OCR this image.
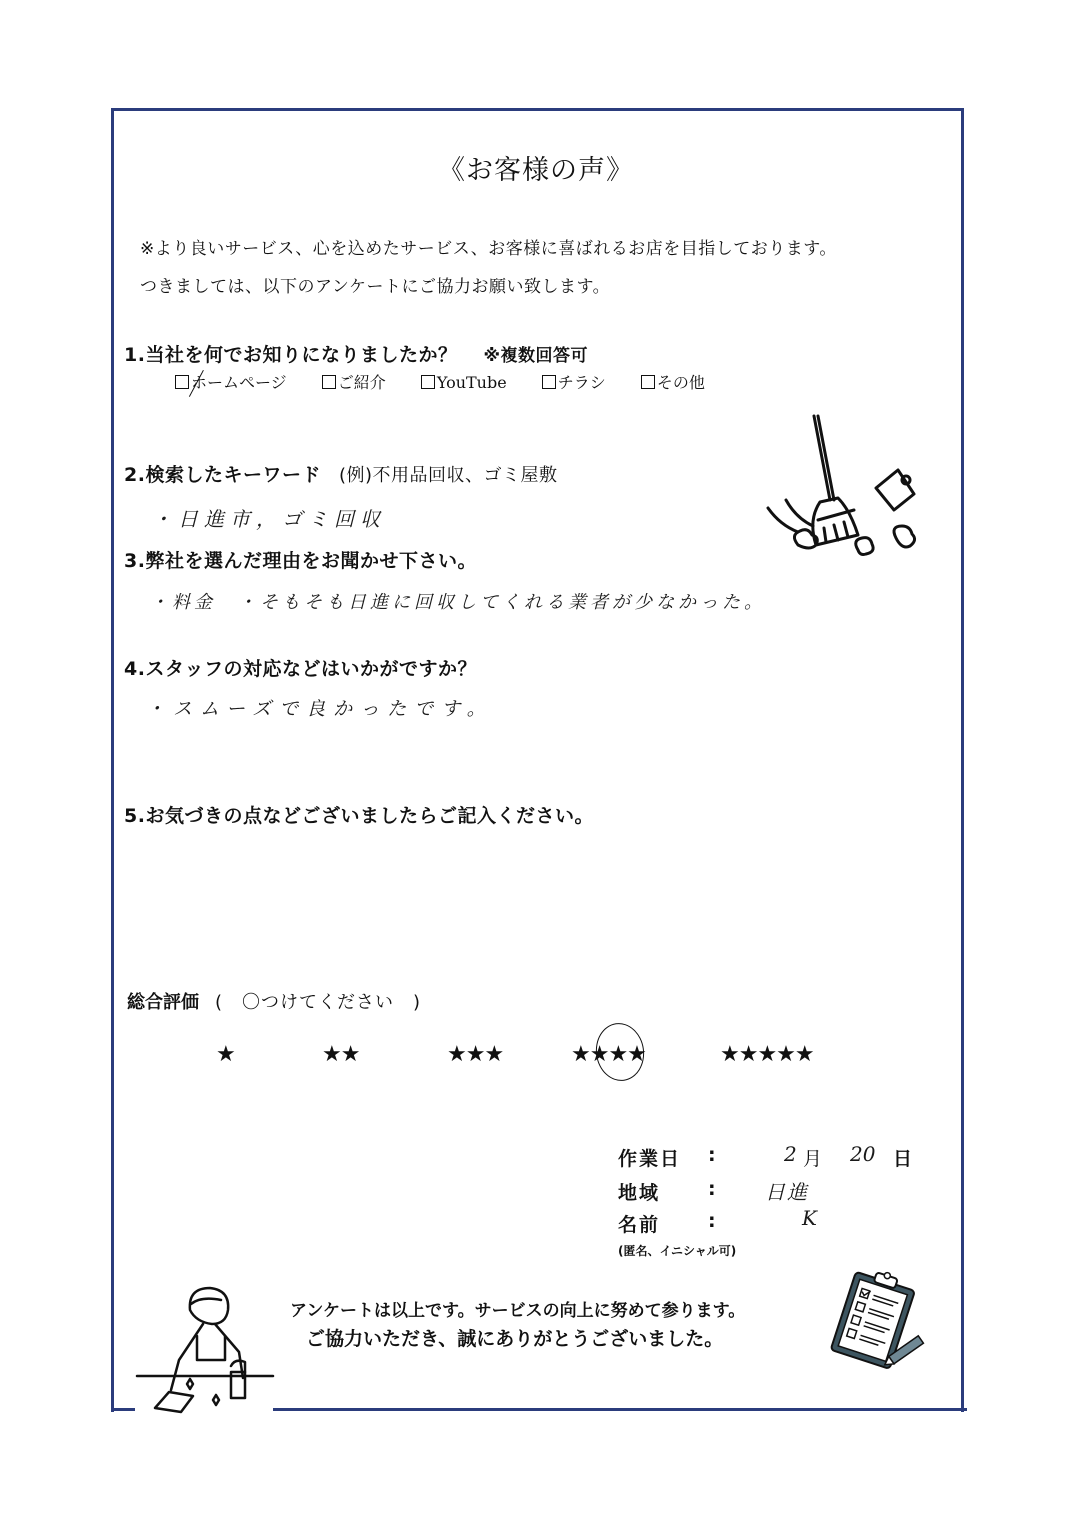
《お客様の声》
※より良いサービス、心を込めたサービス、お客様に喜ばれるお店を目指しております。
つきましては、以下のアンケートにご協力お願い致します。
1.当社を何でお知りになりましたか？ ※複数回答可
ホームページ	ご紹介	YouTube	チラシ	その他
2.検索したキーワード (例)不用品回収、ゴミ屋敷
・日進市，ゴミ回収
3.弊社を選んだ理由をお聞かせ下さい。
・料金　・そもそも日進に回収してくれる業者が少なかった。
4.スタッフの対応などはいかがですか？
・スムーズで良かったです。
5.お気づきの点などございましたらご記入ください。
総合評価 (　〇つけてください　)
★	★★	★★★	★★★★	★★★★★
作業日 :	2 月 20 日
地域	: 日進
名前	:	K
(匿名、イニシャル可)
アンケートは以上です。サービスの向上に努めて参ります。
ご協力いただき、誠にありがとうございました。
